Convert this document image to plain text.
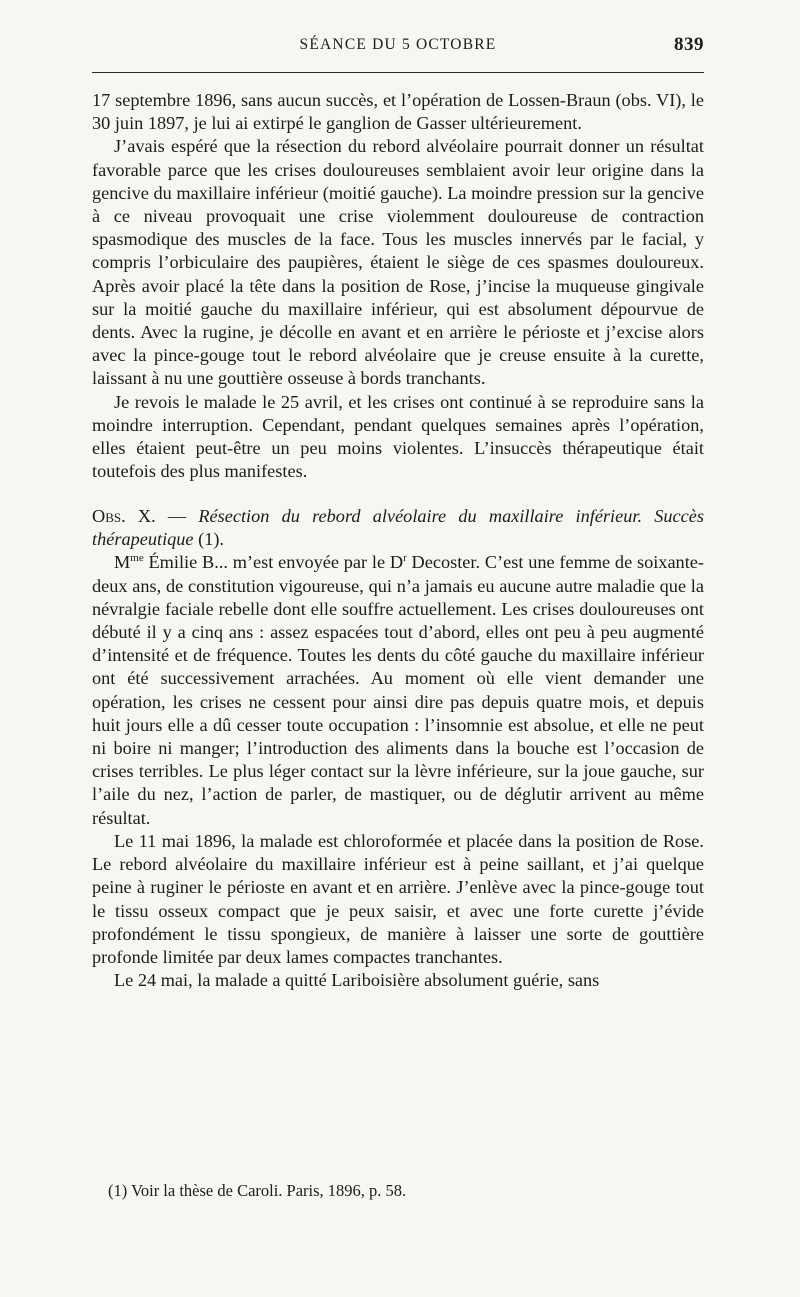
SÉANCE DU 5 OCTOBRE	839

17 septembre 1896, sans aucun succès, et l’opération de Lossen-Braun (obs. VI), le 30 juin 1897, je lui ai extirpé le ganglion de Gasser ultérieurement.

J’avais espéré que la résection du rebord alvéolaire pourrait donner un résultat favorable parce que les crises douloureuses semblaient avoir leur origine dans la gencive du maxillaire inférieur (moitié gauche). La moindre pression sur la gencive à ce niveau provoquait une crise violemment douloureuse de contraction spasmodique des muscles de la face. Tous les muscles innervés par le facial, y compris l’orbiculaire des paupières, étaient le siège de ces spasmes douloureux. Après avoir placé la tête dans la position de Rose, j’incise la muqueuse gingivale sur la moitié gauche du maxillaire inférieur, qui est absolument dépourvue de dents. Avec la rugine, je décolle en avant et en arrière le périoste et j’excise alors avec la pince-gouge tout le rebord alvéolaire que je creuse ensuite à la curette, laissant à nu une gouttière osseuse à bords tranchants.

Je revois le malade le 25 avril, et les crises ont continué à se reproduire sans la moindre interruption. Cependant, pendant quelques semaines après l’opération, elles étaient peut-être un peu moins violentes. L’insuccès thérapeutique était toutefois des plus manifestes.

Obs. X. — Résection du rebord alvéolaire du maxillaire inférieur. Succès thérapeutique (1).

$M^{me}$ Émilie B... m’est envoyée par le $D^r$ Decoster. C’est une femme de soixante-deux ans, de constitution vigoureuse, qui n’a jamais eu aucune autre maladie que la névralgie faciale rebelle dont elle souffre actuellement. Les crises douloureuses ont débuté il y a cinq ans : assez espacées tout d’abord, elles ont peu à peu augmenté d’intensité et de fréquence. Toutes les dents du côté gauche du maxillaire inférieur ont été successivement arrachées. Au moment où elle vient demander une opération, les crises ne cessent pour ainsi dire pas depuis quatre mois, et depuis huit jours elle a dû cesser toute occupation : l’insomnie est absolue, et elle ne peut ni boire ni manger; l’introduction des aliments dans la bouche est l’occasion de crises terribles. Le plus léger contact sur la lèvre inférieure, sur la joue gauche, sur l’aile du nez, l’action de parler, de mastiquer, ou de déglutir arrivent au même résultat.

Le 11 mai 1896, la malade est chloroformée et placée dans la position de Rose. Le rebord alvéolaire du maxillaire inférieur est à peine saillant, et j’ai quelque peine à ruginer le périoste en avant et en arrière. J’enlève avec la pince-gouge tout le tissu osseux compact que je peux saisir, et avec une forte curette j’évide profondément le tissu spongieux, de manière à laisser une sorte de gouttière profonde limitée par deux lames compactes tranchantes.

Le 24 mai, la malade a quitté Lariboisière absolument guérie, sans

(1) Voir la thèse de Caroli. Paris, 1896, p. 58.
